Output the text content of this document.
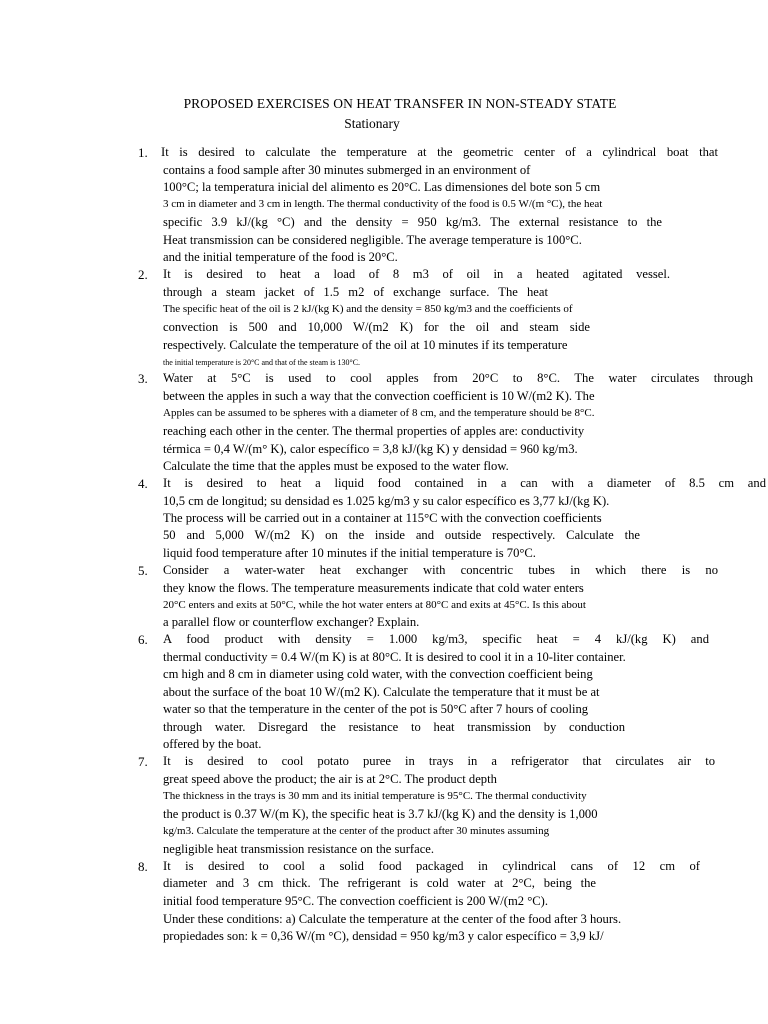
PROPOSED EXERCISES ON HEAT TRANSFER IN NON-STEADY STATE
Stationary
1. It is desired to calculate the temperature at the geometric center of a cylindrical boat that
contains a food sample after 30 minutes submerged in an environment of
100°C; la temperatura inicial del alimento es 20°C. Las dimensiones del bote son 5 cm
3 cm in diameter and 3 cm in length. The thermal conductivity of the food is 0.5 W/(m °C), the heat
specific 3.9 kJ/(kg °C) and the density = 950 kg/m3. The external resistance to the
Heat transmission can be considered negligible. The average temperature is 100°C.
and the initial temperature of the food is 20°C.
2. It is desired to heat a load of 8 m3 of oil in a heated agitated vessel.
through a steam jacket of 1.5 m2 of exchange surface. The heat
The specific heat of the oil is 2 kJ/(kg K) and the density = 850 kg/m3 and the coefficients of
convection is 500 and 10,000 W/(m2 K) for the oil and steam side
respectively. Calculate the temperature of the oil at 10 minutes if its temperature
the initial temperature is 20°C and that of the steam is 130°C.
3. Water at 5°C is used to cool apples from 20°C to 8°C. The water circulates through
between the apples in such a way that the convection coefficient is 10 W/(m2 K). The
Apples can be assumed to be spheres with a diameter of 8 cm, and the temperature should be 8°C.
reaching each other in the center. The thermal properties of apples are: conductivity
térmica = 0,4 W/(m° K), calor específico = 3,8 kJ/(kg K) y densidad = 960 kg/m3.
Calculate the time that the apples must be exposed to the water flow.
4. It is desired to heat a liquid food contained in a can with a diameter of 8.5 cm and
10,5 cm de longitud; su densidad es 1.025 kg/m3 y su calor específico es 3,77 kJ/(kg K).
The process will be carried out in a container at 115°C with the convection coefficients
50 and 5,000 W/(m2 K) on the inside and outside respectively. Calculate the
liquid food temperature after 10 minutes if the initial temperature is 70°C.
5. Consider a water-water heat exchanger with concentric tubes in which there is no
they know the flows. The temperature measurements indicate that cold water enters
20°C enters and exits at 50°C, while the hot water enters at 80°C and exits at 45°C. Is this about
a parallel flow or counterflow exchanger? Explain.
6. A food product with density = 1.000 kg/m3, specific heat = 4 kJ/(kg K) and
thermal conductivity = 0.4 W/(m K) is at 80°C. It is desired to cool it in a 10-liter container.
cm high and 8 cm in diameter using cold water, with the convection coefficient being
about the surface of the boat 10 W/(m2 K). Calculate the temperature that it must be at
water so that the temperature in the center of the pot is 50°C after 7 hours of cooling
through water. Disregard the resistance to heat transmission by conduction
offered by the boat.
7. It is desired to cool potato puree in trays in a refrigerator that circulates air to
great speed above the product; the air is at 2°C. The product depth
The thickness in the trays is 30 mm and its initial temperature is 95°C. The thermal conductivity
the product is 0.37 W/(m K), the specific heat is 3.7 kJ/(kg K) and the density is 1,000
kg/m3. Calculate the temperature at the center of the product after 30 minutes assuming
negligible heat transmission resistance on the surface.
8. It is desired to cool a solid food packaged in cylindrical cans of 12 cm of
diameter and 3 cm thick. The refrigerant is cold water at 2°C, being the
initial food temperature 95°C. The convection coefficient is 200 W/(m2 °C).
Under these conditions: a) Calculate the temperature at the center of the food after 3 hours.
propiedades son: k = 0,36 W/(m °C), densidad = 950 kg/m3 y calor específico = 3,9 kJ/
